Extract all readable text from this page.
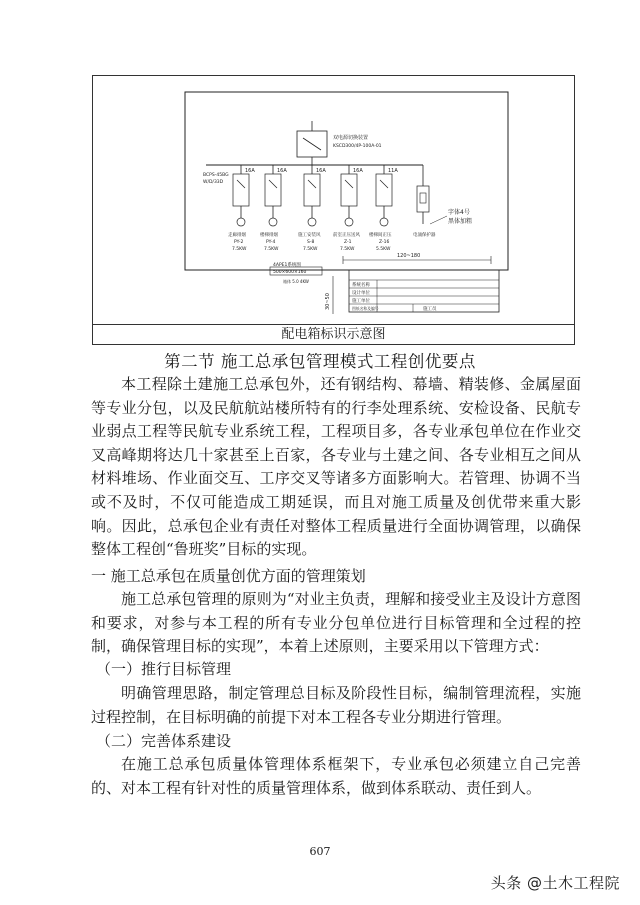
双电源切换装置
KSCD300/4P-100A-01
BCPS-45BG
W/D/33D
16A
走廊排烟
PY-2
7.5KW
16A
楼梯排烟
PY-4
7.5KW
16A
施工安装风
S-8
7.5KW
16A
前室正压送风
Z-1
7.5KW
11A
楼梯间正压
Z-16
5.5KW
电涌保护器
字体4号
黑体加粗
4APE1系统图
500×600×160
箱体 5.0 4KW
120~180
30~50
系统名称
设计单位
施工单位
图纸名称及编号	施工员
配电箱标识示意图
第二节 施工总承包管理模式工程创优要点

本工程除土建施工总承包外，还有钢结构、幕墙、精装修、金属屋面等专业分包，以及民航航站楼所特有的行李处理系统、安检设备、民航专业弱点工程等民航专业系统工程，工程项目多，各专业承包单位在作业交叉高峰期将达几十家甚至上百家，各专业与土建之间、各专业相互之间从材料堆场、作业面交互、工序交叉等诸多方面影响大。若管理、协调不当或不及时，不仅可能造成工期延误，而且对施工质量及创优带来重大影响。因此，总承包企业有责任对整体工程质量进行全面协调管理，以确保整体工程创“鲁班奖”目标的实现。

一 施工总承包在质量创优方面的管理策划

施工总承包管理的原则为“对业主负责，理解和接受业主及设计方意图和要求，对参与本工程的所有专业分包单位进行目标管理和全过程的控制，确保管理目标的实现”，本着上述原则，主要采用以下管理方式：

（一）推行目标管理

明确管理思路，制定管理总目标及阶段性目标，编制管理流程，实施过程控制，在目标明确的前提下对本工程各专业分期进行管理。

（二）完善体系建设

在施工总承包质量体管理体系框架下，专业承包必须建立自己完善的、对本工程有针对性的质量管理体系，做到体系联动、责任到人。

607
头条 @土木工程院
